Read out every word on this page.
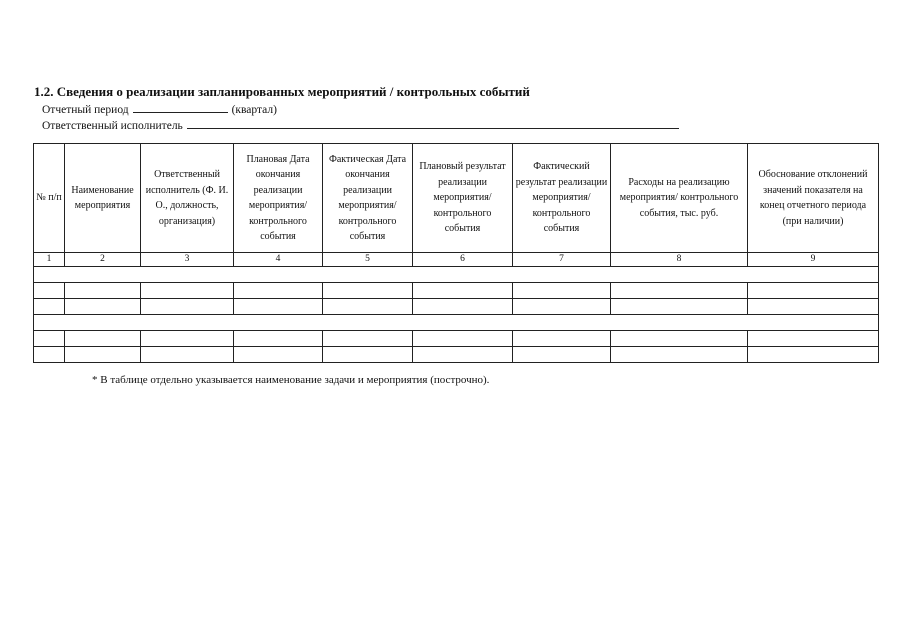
1.2. Сведения о реализации запланированных мероприятий / контрольных событий
Отчетный период	(квартал)
Ответственный исполнитель
№ п/п	Наименование мероприятия	Ответственный исполнитель (Ф. И. О., должность, организация)	Плановая Дата окончания реализации мероприятия/ контрольного события	Фактическая Дата окончания реализации мероприятия/ контрольного события	Плановый результат реализации мероприятия/ контрольного события	Фактический результат реализации мероприятия/ контрольного события	Расходы на реализацию мероприятия/ контрольного события, тыс. руб.	Обоснование отклонений значений показателя на конец отчетного периода (при наличии)
1	2	3	4	5	6	7	8	9

* В таблице отдельно указывается наименование задачи и мероприятия (построчно).
